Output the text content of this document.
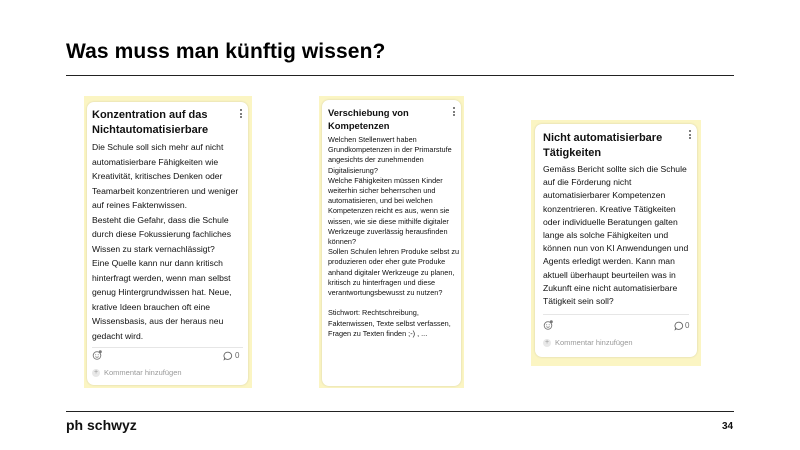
Was muss man künftig wissen?
Konzentration auf das Nichtautomatisierbare
Die Schule soll sich mehr auf nicht automatisierbare Fähigkeiten wie Kreativität, kritisches Denken oder Teamarbeit konzentrieren und weniger auf reines Faktenwissen.
Besteht die Gefahr, dass die Schule durch diese Fokussierung fachliches Wissen zu stark vernachlässigt?
Eine Quelle kann nur dann kritisch hinterfragt werden, wenn man selbst genug Hintergrundwissen hat. Neue, krative Ideen brauchen oft eine Wissensbasis, aus der heraus neu gedacht wird.
0
+ Kommentar hinzufügen
Verschiebung von Kompetenzen
Welchen Stellenwert haben Grundkompetenzen in der Primarstufe angesichts der zunehmenden Digitalisierung?
Welche Fähigkeiten müssen Kinder weiterhin sicher beherrschen und automatisieren, und bei welchen Kompetenzen reicht es aus, wenn sie wissen, wie sie diese mithilfe digitaler Werkzeuge zuverlässig herausfinden können?
Sollen Schulen lehren Produke selbst zu produzieren oder eher gute Produke anhand digitaler Werkzeuge zu planen, kritisch zu hinterfragen und diese verantwortungsbewusst zu nutzen?

Stichwort: Rechtschreibung, Faktenwissen, Texte selbst verfassen, Fragen zu Texten finden ;-) , ...
Nicht automatisierbare Tätigkeiten
Gemäss Bericht sollte sich die Schule auf die Förderung nicht automatisierbarer Kompetenzen konzentrieren. Kreative Tätigkeiten oder individuelle Beratungen galten lange als solche Fähigkeiten und können nun von KI Anwendungen und Agents erledigt werden. Kann man aktuell überhaupt beurteilen was in Zukunft eine nicht automatisierbare Tätigkeit sein soll?
0
+ Kommentar hinzufügen
ph schwyz	34
